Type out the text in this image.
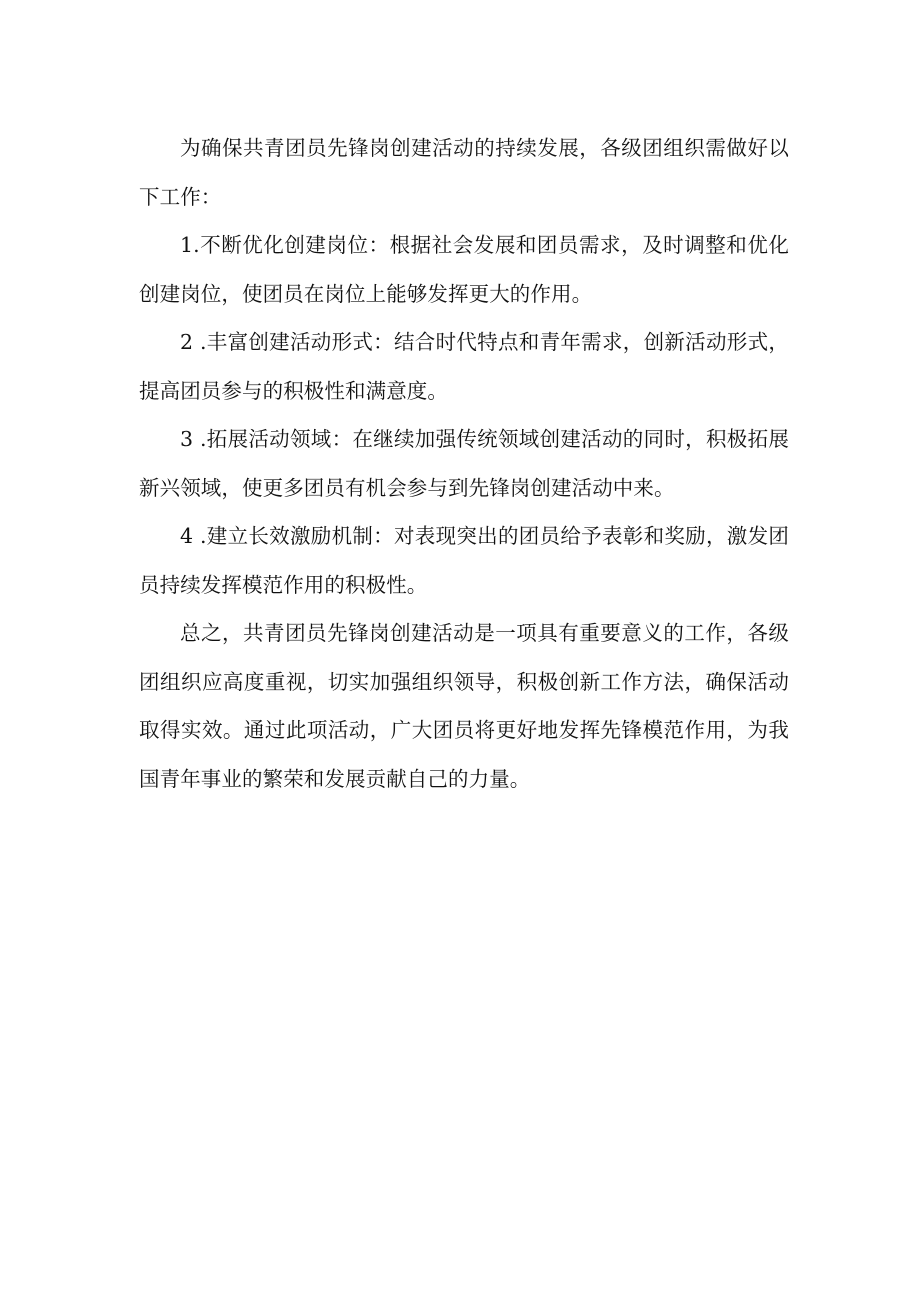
为确保共青团员先锋岗创建活动的持续发展，各级团组织需做好以下工作：

1.不断优化创建岗位：根据社会发展和团员需求，及时调整和优化创建岗位，使团员在岗位上能够发挥更大的作用。

2 .丰富创建活动形式：结合时代特点和青年需求，创新活动形式，提高团员参与的积极性和满意度。

3 .拓展活动领域：在继续加强传统领域创建活动的同时，积极拓展新兴领域，使更多团员有机会参与到先锋岗创建活动中来。

4 .建立长效激励机制：对表现突出的团员给予表彰和奖励，激发团员持续发挥模范作用的积极性。

总之，共青团员先锋岗创建活动是一项具有重要意义的工作，各级团组织应高度重视，切实加强组织领导，积极创新工作方法，确保活动取得实效。通过此项活动，广大团员将更好地发挥先锋模范作用，为我国青年事业的繁荣和发展贡献自己的力量。
